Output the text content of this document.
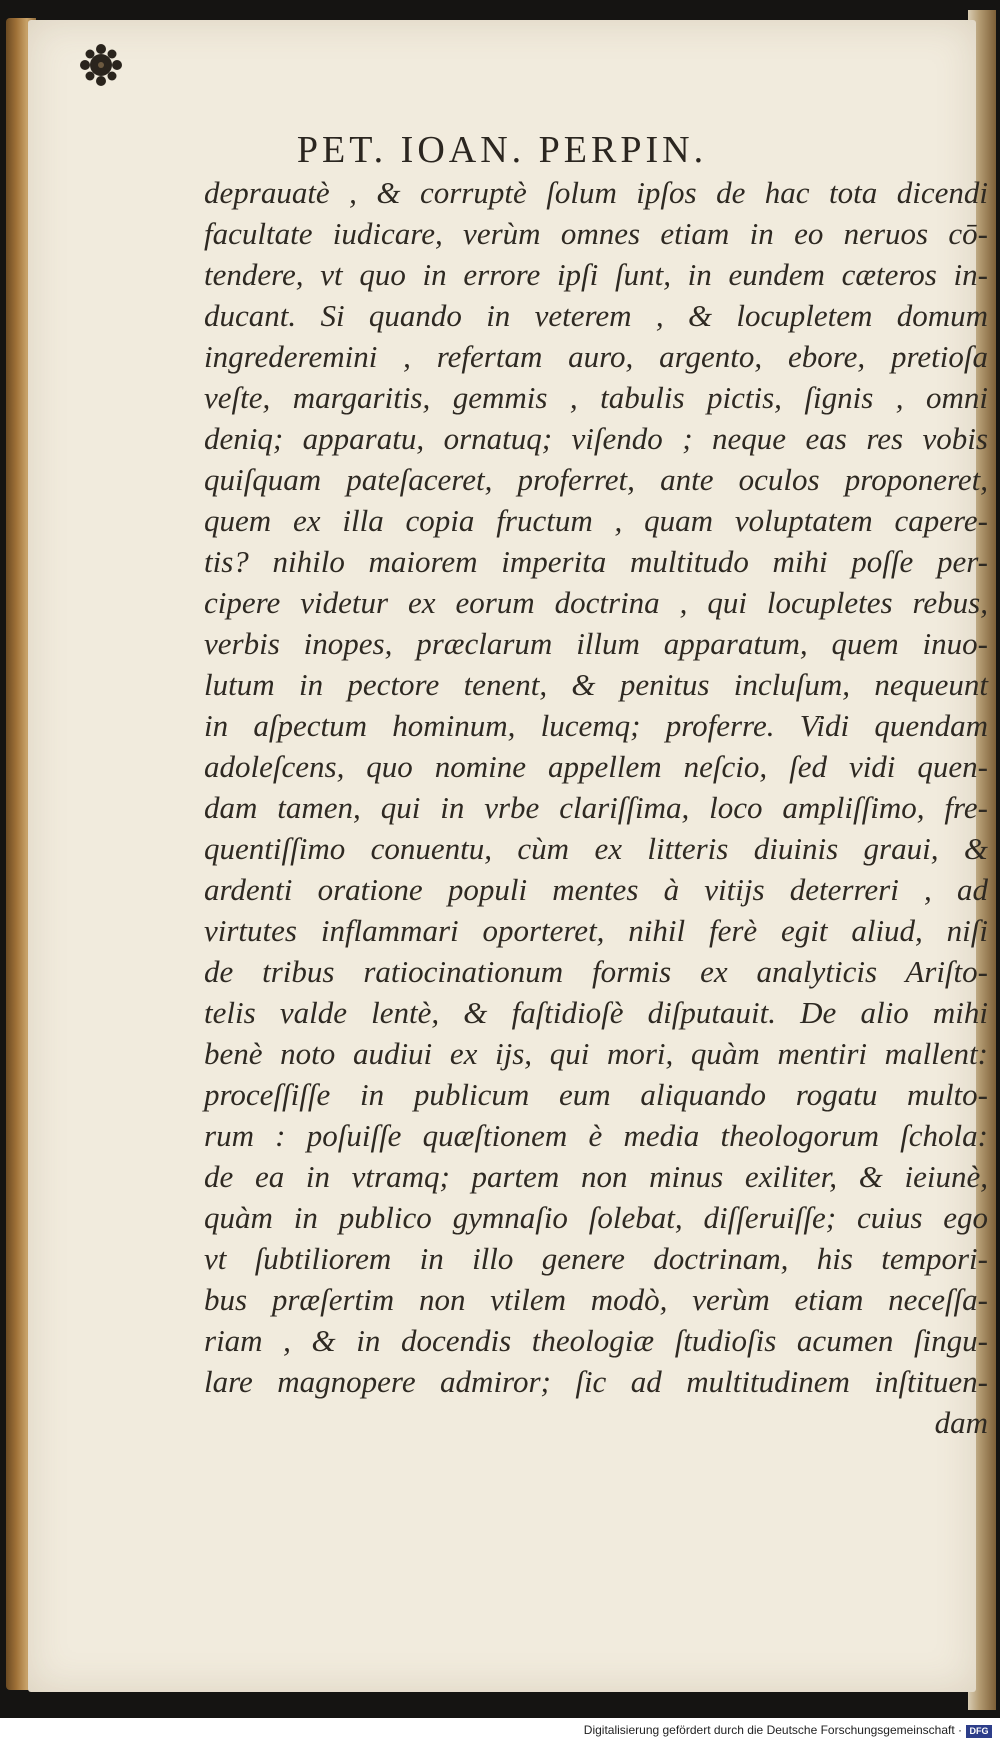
PET. IOAN. PERPIN.

deprauatè , & corruptè ſolum ipſos de hac tota dicendi

facultate iudicare, verùm omnes etiam in eo neruos cō-

tendere, vt quo in errore ipſi ſunt, in eundem cæteros in-

ducant. Si quando in veterem , & locupletem domum

ingrederemini , refertam auro, argento, ebore, pretioſa

veſte, margaritis, gemmis , tabulis pictis, ſignis , omni

deniq; apparatu, ornatuq; viſendo ; neque eas res vobis

quiſquam pateſaceret, proferret, ante oculos proponeret,

quem ex illa copia fructum , quam voluptatem capere-

tis? nihilo maiorem imperita multitudo mihi poſſe per-

cipere videtur ex eorum doctrina , qui locupletes rebus,

verbis inopes, præclarum illum apparatum, quem inuo-

lutum in pectore tenent, & penitus incluſum, nequeunt

in aſpectum hominum, lucemq; proferre. Vidi quendam

adoleſcens, quo nomine appellem neſcio, ſed vidi quen-

dam tamen, qui in vrbe clariſſima, loco ampliſſimo, fre-

quentiſſimo conuentu, cùm ex litteris diuinis graui, &

ardenti oratione populi mentes à vitijs deterreri , ad

virtutes inflammari oporteret, nihil ferè egit aliud, niſi

de tribus ratiocinationum formis ex analyticis Ariſto-

telis valde lentè, & faſtidioſè diſputauit. De alio mihi

benè noto audiui ex ijs, qui mori, quàm mentiri mallent:

proceſſiſſe in publicum eum aliquando rogatu multo-

rum : poſuiſſe quæſtionem è media theologorum ſchola:

de ea in vtramq; partem non minus exiliter, & ieiunè,

quàm in publico gymnaſio ſolebat, diſſeruiſſe; cuius ego

vt ſubtiliorem in illo genere doctrinam, his tempori-

bus præſertim non vtilem modò, verùm etiam neceſſa-

riam , & in docendis theologiæ ſtudioſis acumen ſingu-

lare magnopere admiror; ſic ad multitudinem inſtituen-

dam

Digitalisierung gefördert durch die Deutsche Forschungsgemeinschaft · DFG
